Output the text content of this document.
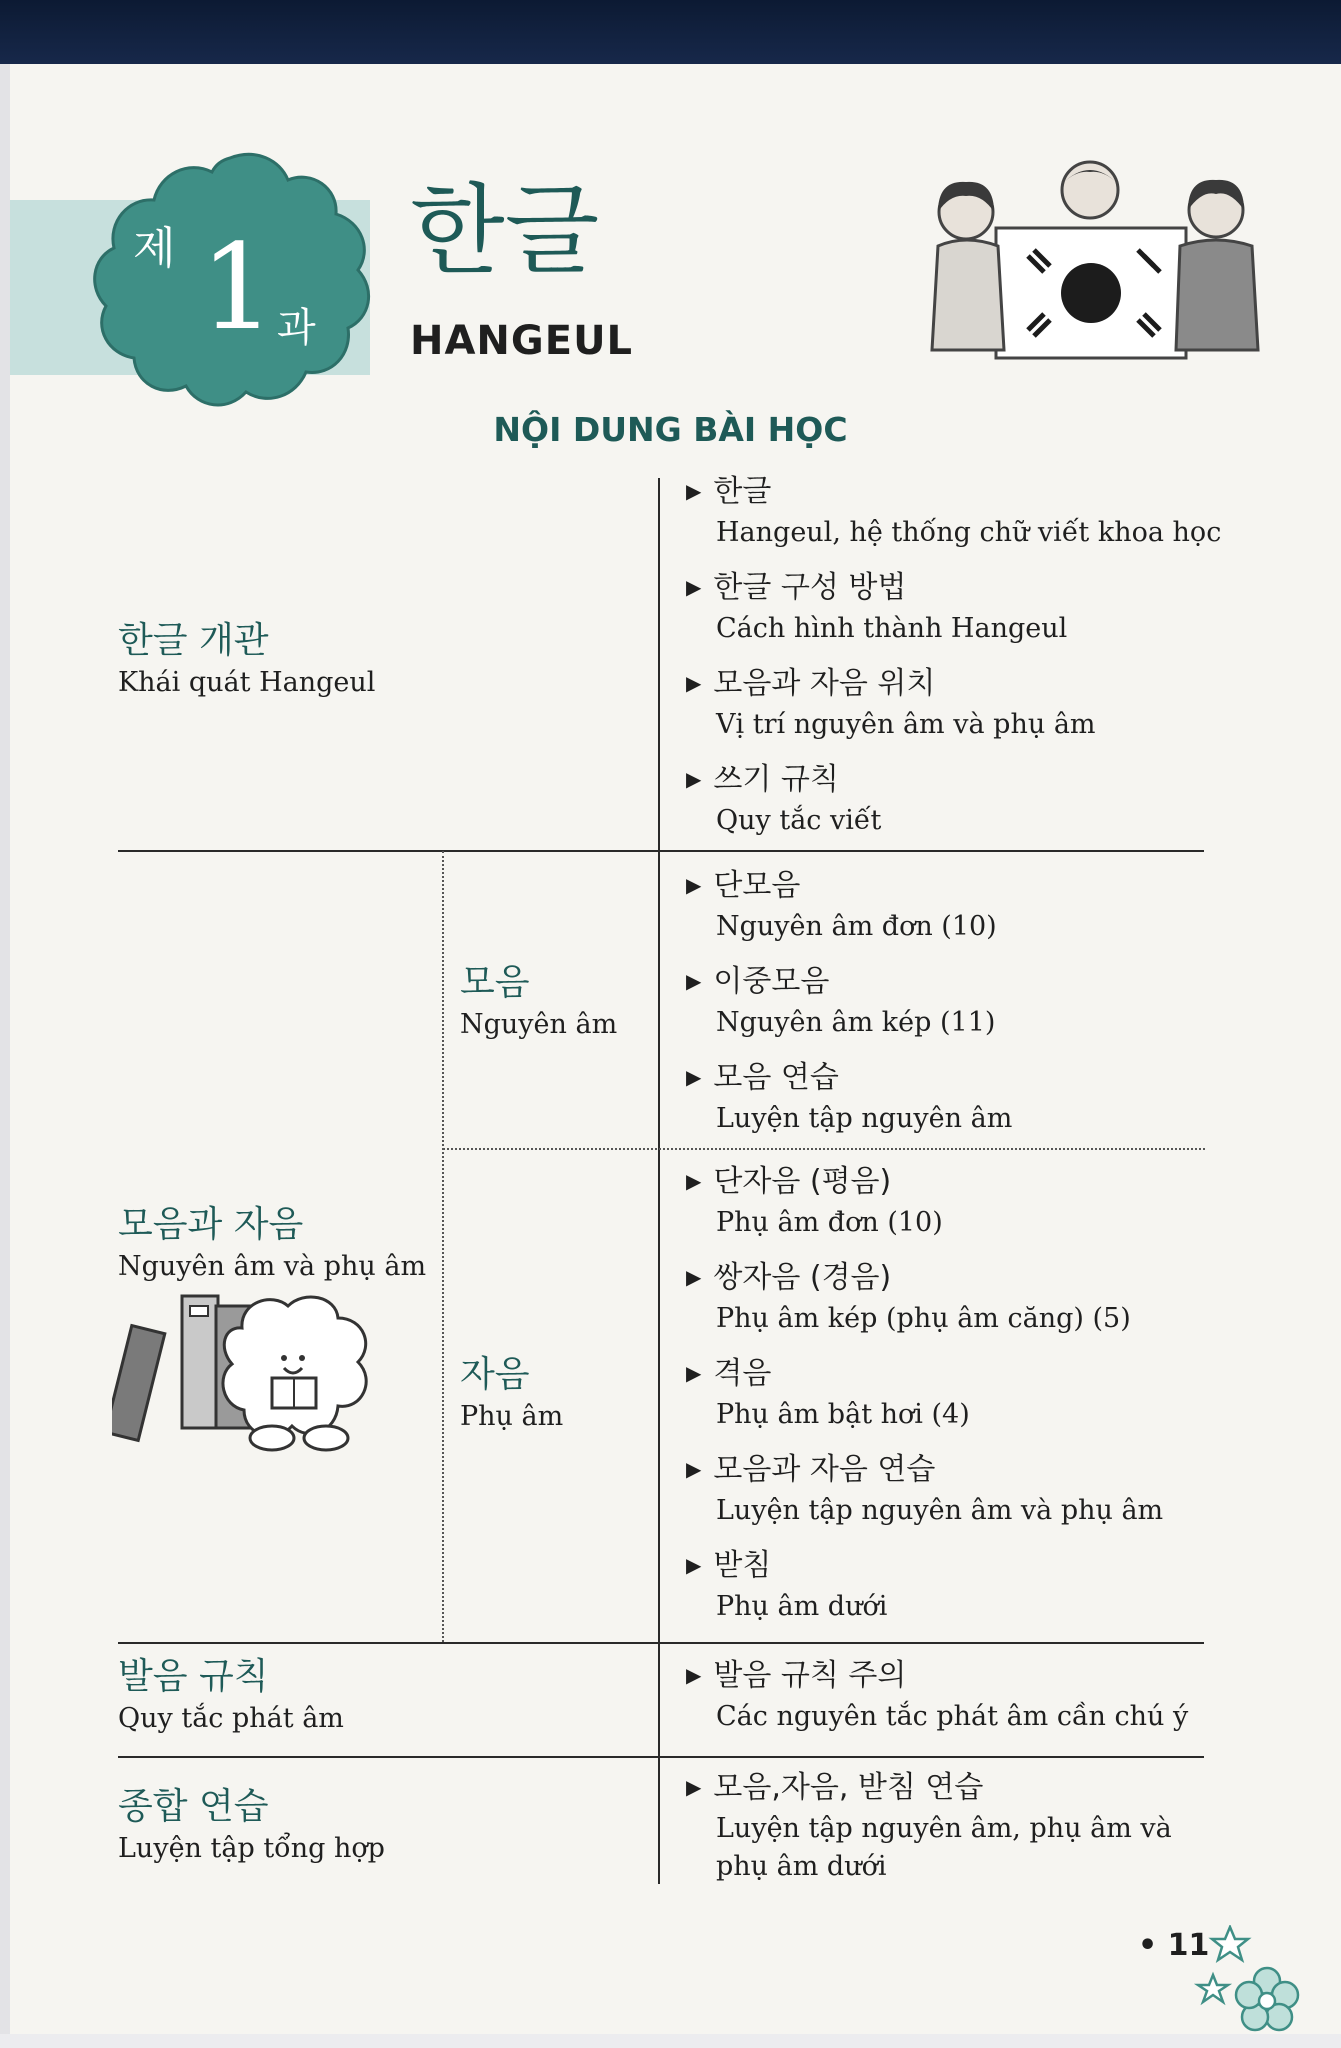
제 1 과
한글
HANGEUL
NỘI DUNG BÀI HỌC
한글 개관
Khái quát Hangeul
모음과 자음
Nguyên âm và phụ âm
모음
Nguyên âm
자음
Phụ âm
발음 규칙
Quy tắc phát âm
종합 연습
Luyện tập tổng hợp
▶ 한글
Hangeul, hệ thống chữ viết khoa học
▶ 한글 구성 방법
Cách hình thành Hangeul
▶ 모음과 자음 위치
Vị trí nguyên âm và phụ âm
▶ 쓰기 규칙
Quy tắc viết
▶ 단모음
Nguyên âm đơn (10)
▶ 이중모음
Nguyên âm kép (11)
▶ 모음 연습
Luyện tập nguyên âm
▶ 단자음 (평음)
Phụ âm đơn (10)
▶ 쌍자음 (경음)
Phụ âm kép (phụ âm căng) (5)
▶ 격음
Phụ âm bật hơi (4)
▶ 모음과 자음 연습
Luyện tập nguyên âm và phụ âm
▶ 받침
Phụ âm dưới
▶ 발음 규칙 주의
Các nguyên tắc phát âm cần chú ý
▶ 모음,자음, 받침 연습
Luyện tập nguyên âm, phụ âm và
phụ âm dưới
• 11
